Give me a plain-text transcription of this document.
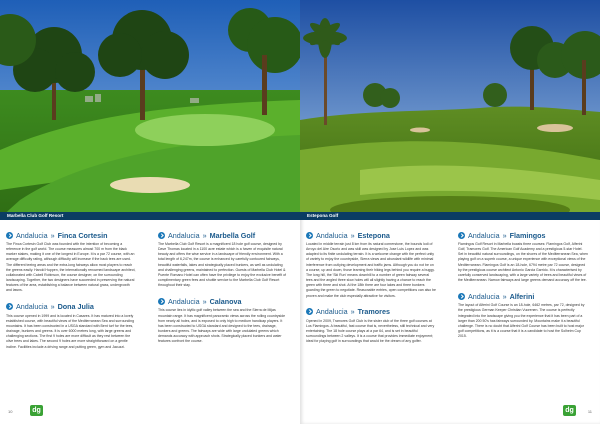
Marbella Club Golf Resort
Andalucia » Finca Cortesin
The Finca Cortesin Golf Club was founded with the intention of becoming a reference in the golf world. The course measures almost 700 m from the black marker stakes, making it one of the longest in Europe. It is a par 72 course, with an average difficulty rating, although difficulty will increase if the back tees are used. The different teeing areas and the extra-long fairways allow most players to reach the greens easily. Harold Huppen, the internationally renowned landscape architect, collaborated with Cabell Robinson, the course designer, on the surrounding landscaping. Together, the two designers have succeeded in preserving the natural features of the area, establishing a balance between natural grass, undergrowth and lawns.
Andalucia » Dona Julia
This course opened in 1999 and is located in Casares. It has matured into a lovely established course, with beautiful views of the Mediterranean Sea and surrounding mountains. It has been constructed in a USGA standard with Bent turf for the tees, drainage, bunkers and greens. It is over 6000 metres long, with large greens and challenging sections. The first 9 holes are more difficult as they rest between the olive trees and lakes. The second 9 holes are more straightforward on a gentle incline. Facilities include a driving range and putting green, gym and Jacuzzi.
Andalucia » Marbella Golf
The Marbella Club Golf Resort is a magnificent 18 hole golf course, designed by Dave Thomas located in a 1100 acre estate which is a haven of exquisite natural beauty and offers the wise service in a landscape of friendly environment. With a total length of 6,247m, the course is enhanced by carefully contoured fairways, beautiful waterfalls, lakes and strategically placed bunkers, as well as undulating and challenging greens, maintained to perfection. Guests of Marbella Club Hotel & Puente Romano Hotel can often have the privilege to enjoy the exclusive benefit of complimentary green fees and shuttle service to the Marbella Club Golf Resort throughout their stay.
Andalucia » Calanova
This course lies in idyllic golf valley between the sea and the Sierra de Mijas mountain range. It has magnificent panoramic views across the rolling countryside from nearly all holes, and is exposed to only high to medium handicap players. It has been constructed to USGA standard and designed to the tees, drainage, bunkers and greens. The fairways are wide with large undulated greens which demands accuracy with approach shots. Strategically placed bunkers and water features confront the course.
10	dg
Estepona Golf
Andalucia » Estepona
Located in middle terrain just 8 km from its natural cornerstone, the bounds lodi of Arroyo del Aire Osorio and was skill was designed by Jose Luis Lopez and was adapted to its finite undulating terrain. It is a welcome change with the perfect unity of variety to enjoy the countryside, Sierra views and abundant wildlife with minimal interference from outlying development and traffic jams. Although you do not be on a course, up and down, those learning their hiking legs behind you require a buggy. The long hill, the 'Ski Run' means downhill to a number of green fairway several tees and the angled three slow holes will all slightly having a chance to reach the green with three and shot. At the 18th there are four lakes and three bunkers guarding the green to negotiate. Reasonable entries, open competitions can also be proven and make the club especially attractive for visitors.
Andalucia » Tramores
Opened in 2009, Tramores Golf Club is the sister club of the three golf courses at Los Flamingos. A beautiful, fast course that is, nevertheless, still technical and very entertaining. The 18 hole course plays at a par 64, and is set in beautiful surroundings between 2 valleys. It is a course that provides immediate enjoyment; ideal for playing golf in surroundings that would be the dream of any golfer.
Andalucia » Flamingos
Flamingos Golf Resort in Marbella boasts three courses: Flamingos Golf, Alferini Golf, Tramores Golf. The American Golf Academy and a prestigious 5-star Hotel. Set in beautiful natural surroundings, on the shores of the Mediterranean Sea, when playing golf on a superb course, a unique experience with exceptional views of the Mediterranean. Flamingos Golf is an 18-hole, 6794 metre par 72 course, designed by the prestigious course architect Antonio Garcia Garrido. It is characterised by carefully conserved landscaping, with a large variety of trees and beautiful views of the Mediterranean. Narrow fairways and large greens demand accuracy off the tee.
Andalucia » Alferini
The layout of Alferini Golf Course is an 18-hole, 6462 metres, par 72, designed by the prestigious German Keeper Christian Vuorenen. The course is perfectly integrated into the landscape giving you the experience that it has been part of a larger than 200 50's has fairways surrounded by. Mountains make it a beautiful challenge. There is no doubt that Alferini Golf Course has been built to host major golf competitions, as it is a course that it is a candidate to host the Solheim Cup 2015.
dg	11
